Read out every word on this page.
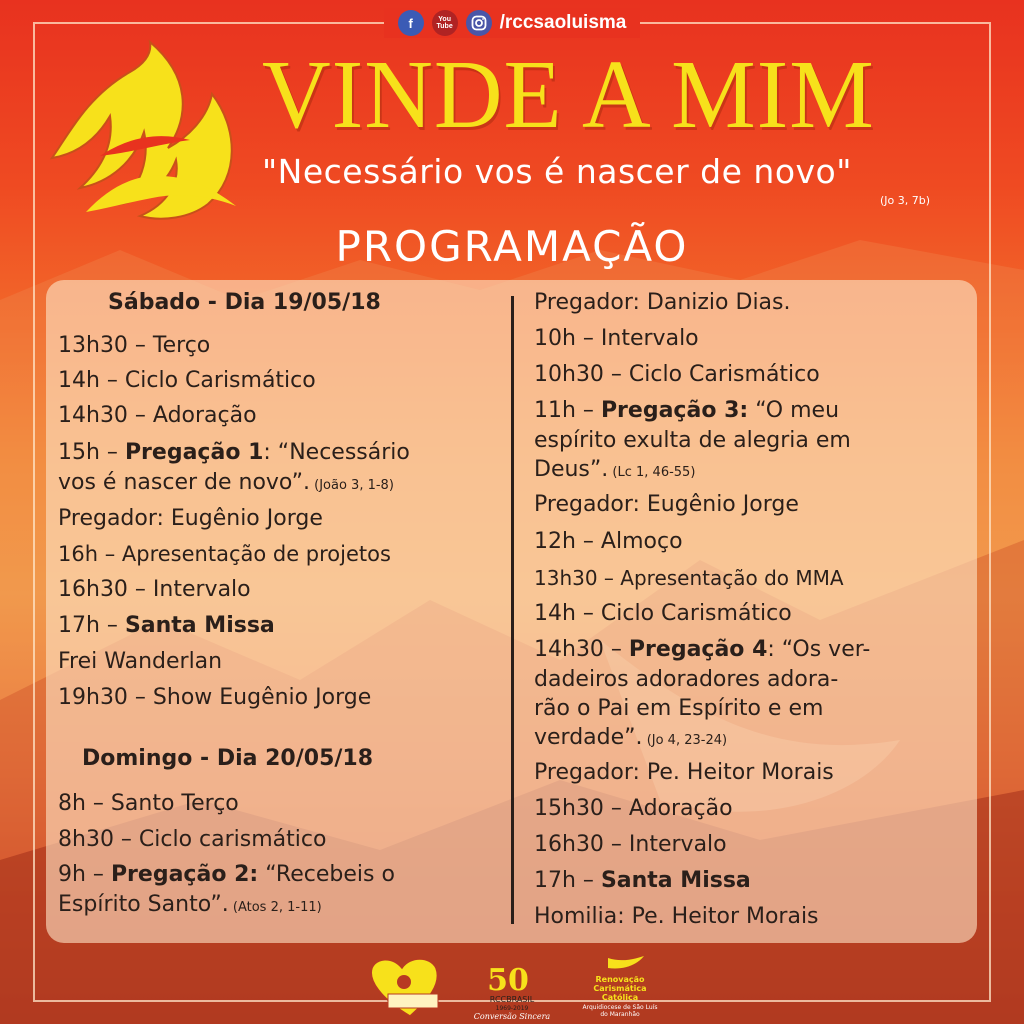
f	You
Tube /rccsaoluisma
VINDE A MIM
"Necessário vos é nascer de novo"
(Jo 3, 7b)
PROGRAMAÇÃO
Sábado - Dia 19/05/18
13h30 – Terço
14h – Ciclo Carismático
14h30 – Adoração
15h – Pregação 1: “Necessário
vos é nascer de novo”. (João 3, 1-8)
Pregador: Eugênio Jorge
16h – Apresentação de projetos
16h30 – Intervalo
17h – Santa Missa
Frei Wanderlan
19h30 – Show Eugênio Jorge
Domingo - Dia 20/05/18
8h – Santo Terço
8h30 – Ciclo carismático
9h – Pregação 2: “Recebeis o
Espírito Santo”. (Atos 2, 1-11)
Pregador: Danizio Dias.
10h – Intervalo
10h30 – Ciclo Carismático
11h – Pregação 3: “O meu
espírito exulta de alegria em
Deus”. (Lc 1, 46-55)
Pregador: Eugênio Jorge
12h – Almoço
13h30 – Apresentação do MMA
14h – Ciclo Carismático
14h30 – Pregação 4: “Os ver-
dadeiros adoradores adora-
rão o Pai em Espírito e em
verdade”. (Jo 4, 23-24)
Pregador: Pe. Heitor Morais
15h30 – Adoração
16h30 – Intervalo
17h – Santa Missa
Homilia: Pe. Heitor Morais
50
RCCBRASIL
1969-2019
Conversão Sincera
Renovação
Carismática
Católica
Arquidiocese de São Luís
do Maranhão
